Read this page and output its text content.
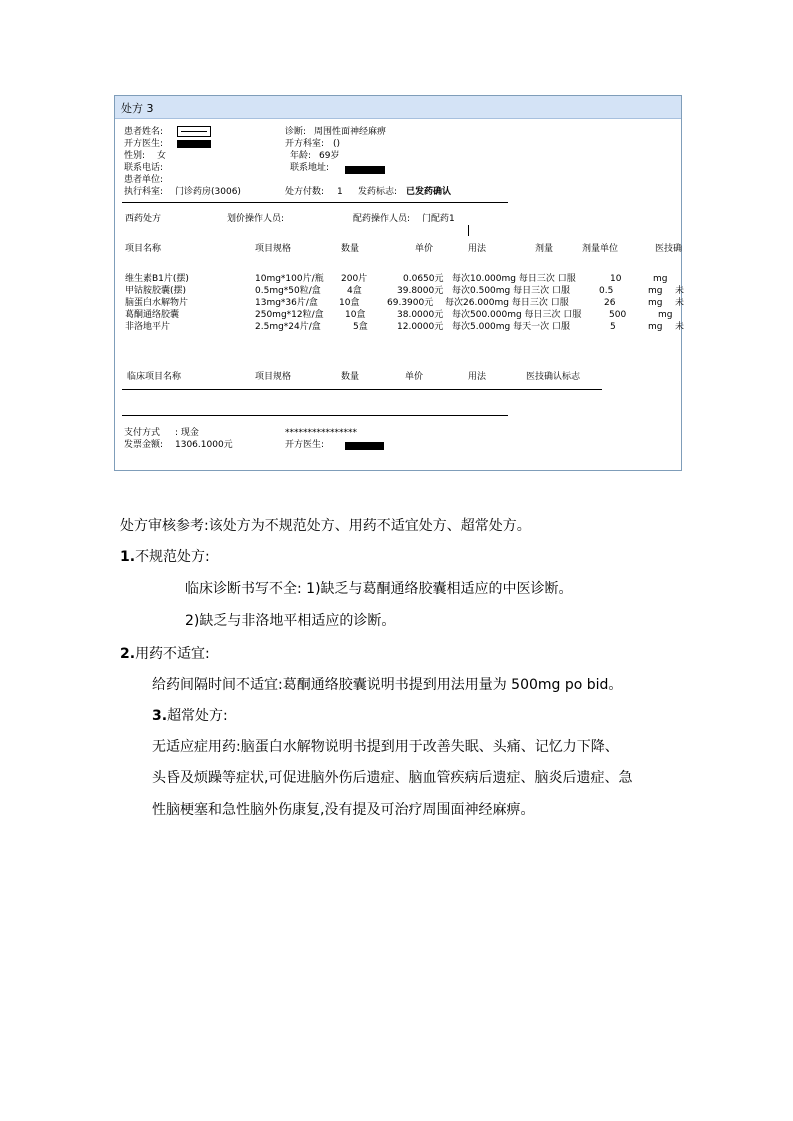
处方 3
患者姓名:
开方医生:
性别: 女
联系电话:
患者单位:
执行科室: 门诊药房(3006)
诊断: 周围性面神经麻痹
开方科室: ()
年龄: 69岁
联系地址:
处方付数: 1 发药标志: 已发药确认
西药处方	划价操作人员:	配药操作人员: 门配药1
项目名称	项目规格	数量	单价	用法	剂量	剂量单位	医技确
维生素B1片(摆)	10mg*100片/瓶 200片	0.0650元 每次10.000mg 每日三次 口服	10	mg
甲钴胺胶囊(摆)	0.5mg*50粒/盒	4盒	39.8000元 每次0.500mg 每日三次 口服	0.5	mg 未
脑蛋白水解物片	13mg*36片/盒 10盒	69.3900元 每次26.000mg 每日三次 口服	26	mg 未
葛酮通络胶囊	250mg*12粒/盒 10盒	38.0000元 每次500.000mg 每日三次 口服	500	mg
非洛地平片	2.5mg*24片/盒	5盒	12.0000元 每次5.000mg 每天一次 口服	5	mg 未
临床项目名称	项目规格	数量	单价	用法	医技确认标志
支付方式 : 现金	****************
发票金额: 1306.1000元	开方医生:
处方审核参考:该处方为不规范处方、用药不适宜处方、超常处方。
1.不规范处方:
临床诊断书写不全: 1)缺乏与葛酮通络胶囊相适应的中医诊断。
2)缺乏与非洛地平相适应的诊断。
2.用药不适宜:
给药间隔时间不适宜:葛酮通络胶囊说明书提到用法用量为 500mg po bid。
3.超常处方:
无适应症用药:脑蛋白水解物说明书提到用于改善失眠、头痛、记忆力下降、
头昏及烦躁等症状,可促进脑外伤后遗症、脑血管疾病后遗症、脑炎后遗症、急
性脑梗塞和急性脑外伤康复,没有提及可治疗周围面神经麻痹。
